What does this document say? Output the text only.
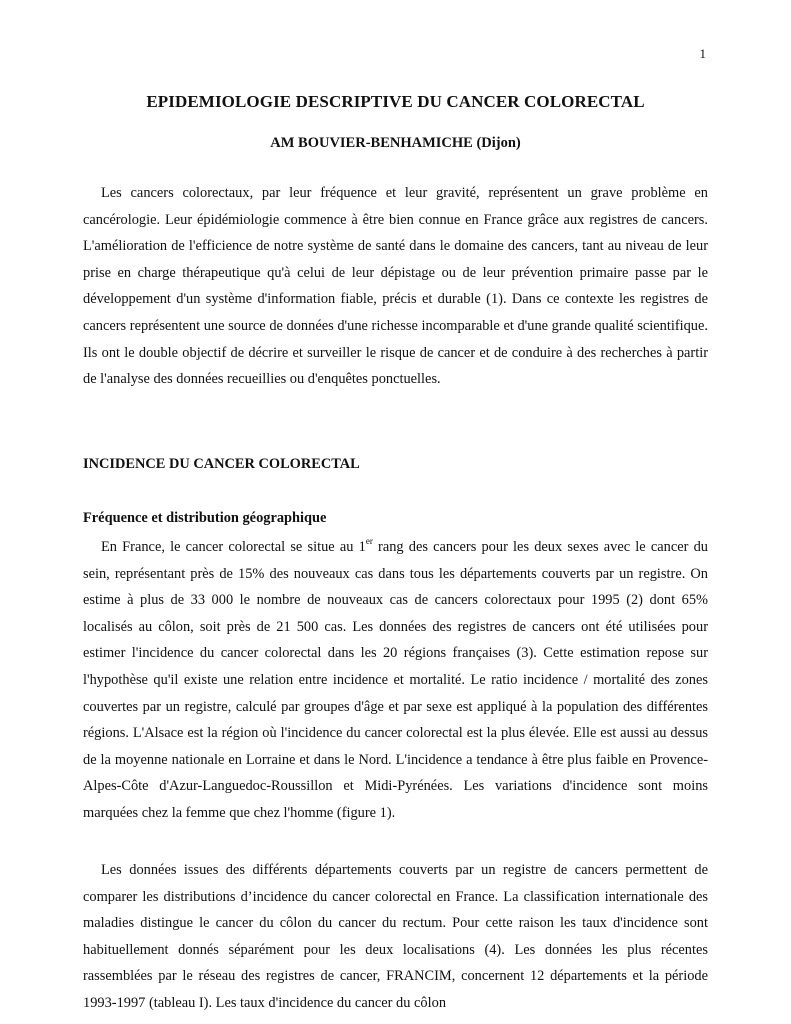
1
EPIDEMIOLOGIE DESCRIPTIVE DU CANCER COLORECTAL
AM BOUVIER-BENHAMICHE (Dijon)

Les cancers colorectaux, par leur fréquence et leur gravité, représentent un grave problème en cancérologie. Leur épidémiologie commence à être bien connue en France grâce aux registres de cancers. L'amélioration de l'efficience de notre système de santé dans le domaine des cancers, tant au niveau de leur prise en charge thérapeutique qu'à celui de leur dépistage ou de leur prévention primaire passe par le développement d'un système d'information fiable, précis et durable (1). Dans ce contexte les registres de cancers représentent une source de données d'une richesse incomparable et d'une grande qualité scientifique. Ils ont le double objectif de décrire et surveiller le risque de cancer et de conduire à des recherches à partir de l'analyse des données recueillies ou d'enquêtes ponctuelles.

INCIDENCE DU CANCER COLORECTAL

Fréquence et distribution géographique

En France, le cancer colorectal se situe au 1er rang des cancers pour les deux sexes avec le cancer du sein, représentant près de 15% des nouveaux cas dans tous les départements couverts par un registre. On estime à plus de 33 000 le nombre de nouveaux cas de cancers colorectaux pour 1995 (2) dont 65% localisés au côlon, soit près de 21 500 cas. Les données des registres de cancers ont été utilisées pour estimer l'incidence du cancer colorectal dans les 20 régions françaises (3). Cette estimation repose sur l'hypothèse qu'il existe une relation entre incidence et mortalité. Le ratio incidence / mortalité des zones couvertes par un registre, calculé par groupes d'âge et par sexe est appliqué à la population des différentes régions. L'Alsace est la région où l'incidence du cancer colorectal est la plus élevée. Elle est aussi au dessus de la moyenne nationale en Lorraine et dans le Nord. L'incidence a tendance à être plus faible en Provence-Alpes-Côte d'Azur-Languedoc-Roussillon et Midi-Pyrénées. Les variations d'incidence sont moins marquées chez la femme que chez l'homme (figure 1).

Les données issues des différents départements couverts par un registre de cancers permettent de comparer les distributions d’incidence du cancer colorectal en France. La classification internationale des maladies distingue le cancer du côlon du cancer du rectum. Pour cette raison les taux d'incidence sont habituellement donnés séparément pour les deux localisations (4). Les données les plus récentes rassemblées par le réseau des registres de cancer, FRANCIM, concernent 12 départements et la période 1993-1997 (tableau I). Les taux d'incidence du cancer du côlon
